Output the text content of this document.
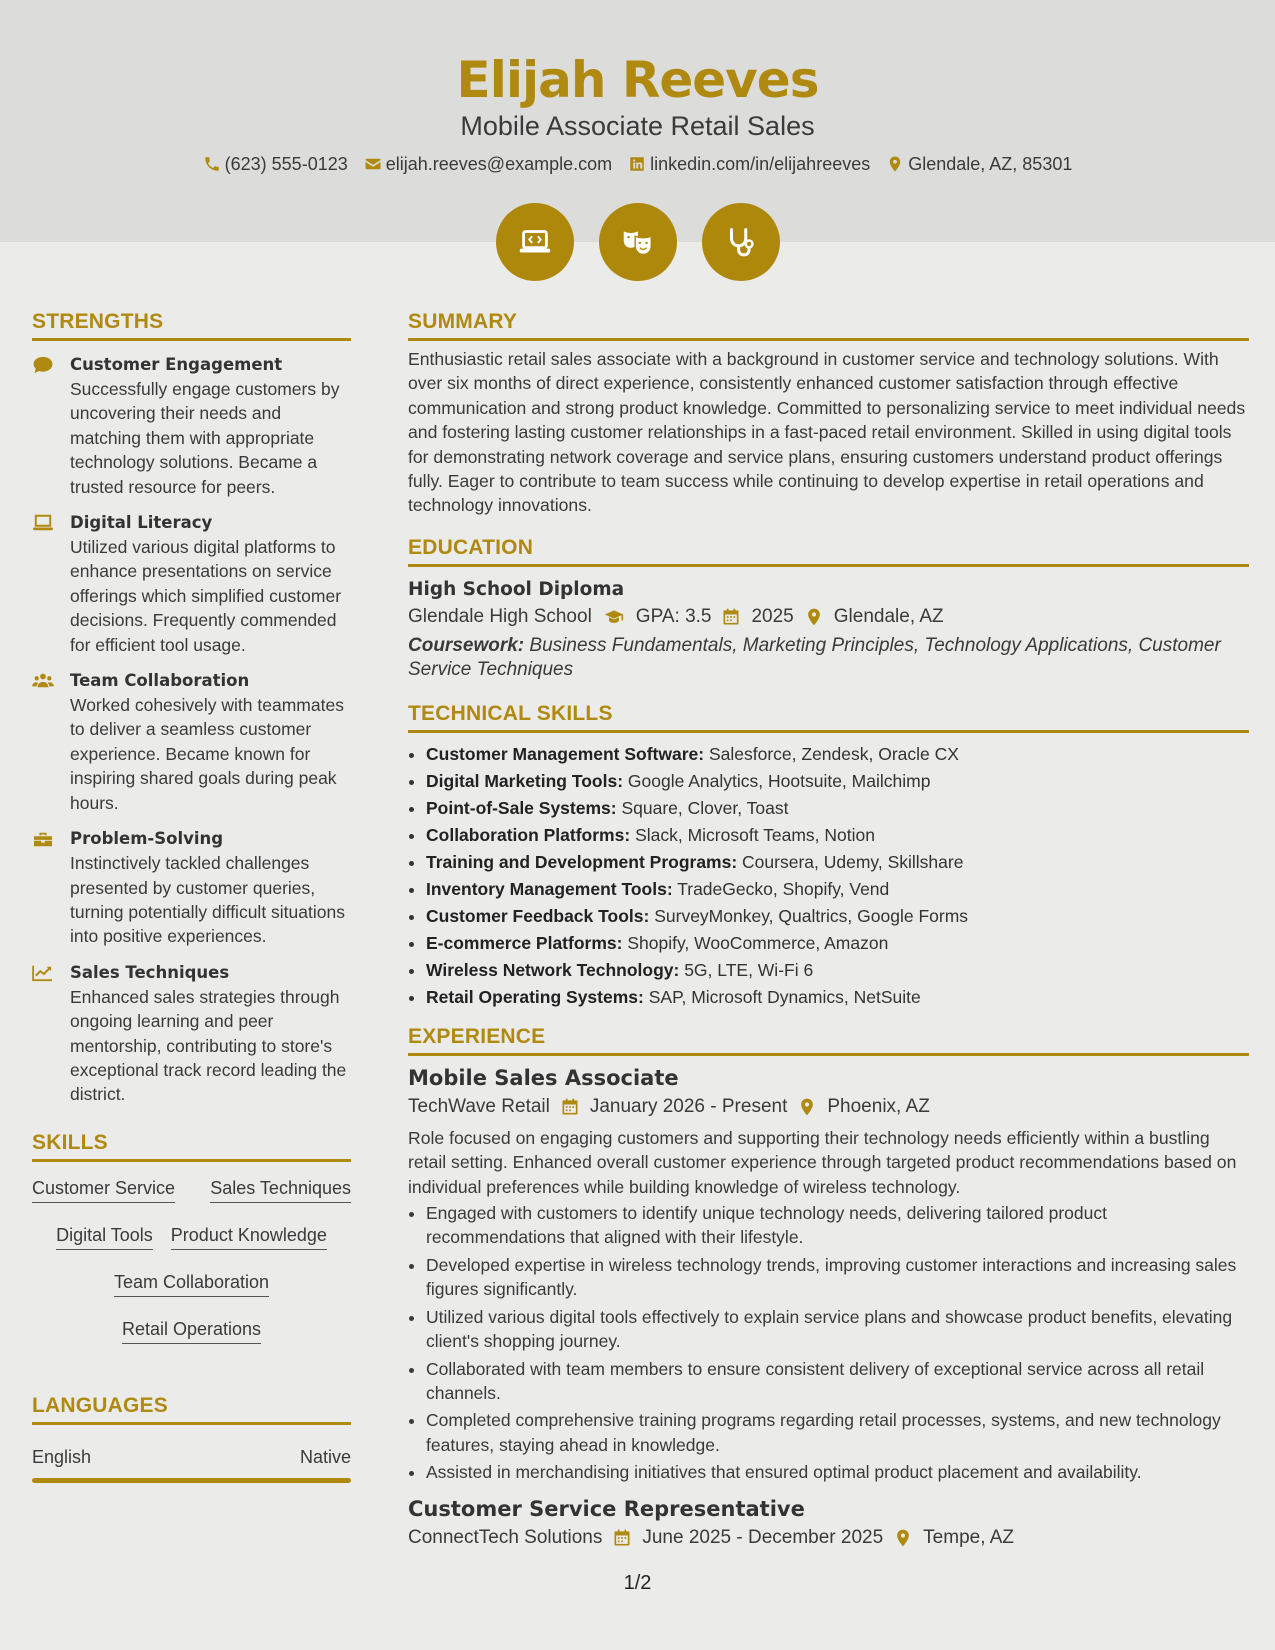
Elijah Reeves
Mobile Associate Retail Sales
(623) 555-0123 elijah.reeves@example.com linkedin.com/in/elijahreeves Glendale, AZ, 85301
STRENGTHS
Customer Engagement
Successfully engage customers by uncovering their needs and matching them with appropriate technology solutions. Became a trusted resource for peers.
Digital Literacy
Utilized various digital platforms to enhance presentations on service offerings which simplified customer decisions. Frequently commended for efficient tool usage.
Team Collaboration
Worked cohesively with teammates to deliver a seamless customer experience. Became known for inspiring shared goals during peak hours.
Problem-Solving
Instinctively tackled challenges presented by customer queries, turning potentially difficult situations into positive experiences.
Sales Techniques
Enhanced sales strategies through ongoing learning and peer mentorship, contributing to store's exceptional track record leading the district.
SKILLS
Customer Service Sales Techniques
Digital Tools Product Knowledge
Team Collaboration
Retail Operations
LANGUAGES
English	Native
SUMMARY
Enthusiastic retail sales associate with a background in customer service and technology solutions. With over six months of direct experience, consistently enhanced customer satisfaction through effective communication and strong product knowledge. Committed to personalizing service to meet individual needs and fostering lasting customer relationships in a fast-paced retail environment. Skilled in using digital tools for demonstrating network coverage and service plans, ensuring customers understand product offerings fully. Eager to contribute to team success while continuing to develop expertise in retail operations and technology innovations.
EDUCATION
High School Diploma
Glendale High School GPA: 3.5 2025 Glendale, AZ
Coursework: Business Fundamentals, Marketing Principles, Technology Applications, Customer Service Techniques
TECHNICAL SKILLS
• Customer Management Software: Salesforce, Zendesk, Oracle CX
• Digital Marketing Tools: Google Analytics, Hootsuite, Mailchimp
• Point-of-Sale Systems: Square, Clover, Toast
• Collaboration Platforms: Slack, Microsoft Teams, Notion
• Training and Development Programs: Coursera, Udemy, Skillshare
• Inventory Management Tools: TradeGecko, Shopify, Vend
• Customer Feedback Tools: SurveyMonkey, Qualtrics, Google Forms
• E-commerce Platforms: Shopify, WooCommerce, Amazon
• Wireless Network Technology: 5G, LTE, Wi-Fi 6
• Retail Operating Systems: SAP, Microsoft Dynamics, NetSuite
EXPERIENCE
Mobile Sales Associate
TechWave Retail January 2026 - Present Phoenix, AZ
Role focused on engaging customers and supporting their technology needs efficiently within a bustling retail setting. Enhanced overall customer experience through targeted product recommendations based on individual preferences while building knowledge of wireless technology.
• Engaged with customers to identify unique technology needs, delivering tailored product recommendations that aligned with their lifestyle.
• Developed expertise in wireless technology trends, improving customer interactions and increasing sales figures significantly.
• Utilized various digital tools effectively to explain service plans and showcase product benefits, elevating client's shopping journey.
• Collaborated with team members to ensure consistent delivery of exceptional service across all retail channels.
• Completed comprehensive training programs regarding retail processes, systems, and new technology features, staying ahead in knowledge.
• Assisted in merchandising initiatives that ensured optimal product placement and availability.
Customer Service Representative
ConnectTech Solutions June 2025 - December 2025 Tempe, AZ
1/2
